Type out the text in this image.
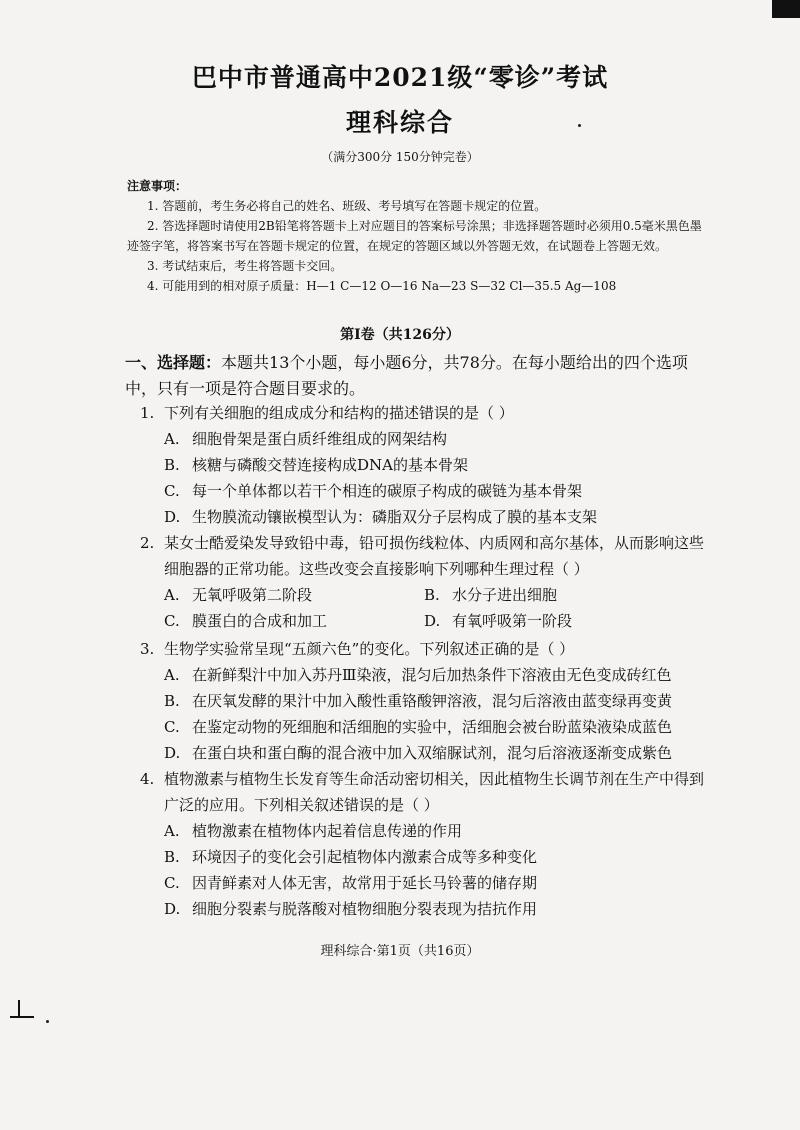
巴中市普通高中2021级“零诊”考试
理科综合
（满分300分 150分钟完卷）
注意事项：
1. 答题前，考生务必将自己的姓名、班级、考号填写在答题卡规定的位置。
2. 答选择题时请使用2B铅笔将答题卡上对应题目的答案标号涂黑；非选择题答题时必须用0.5毫米黑色墨迹签字笔，将答案书写在答题卡规定的位置，在规定的答题区域以外答题无效，在试题卷上答题无效。
3. 考试结束后，考生将答题卡交回。
4. 可能用到的相对原子质量：H—1 C—12 O—16 Na—23 S—32 Cl—35.5 Ag—108
第Ⅰ卷（共126分）
一、选择题：本题共13个小题，每小题6分，共78分。在每小题给出的四个选项中，只有一项是符合题目要求的。
1. 下列有关细胞的组成成分和结构的描述错误的是（ ）
A. 细胞骨架是蛋白质纤维组成的网架结构
B. 核糖与磷酸交替连接构成DNA的基本骨架
C. 每一个单体都以若干个相连的碳原子构成的碳链为基本骨架
D. 生物膜流动镶嵌模型认为：磷脂双分子层构成了膜的基本支架
2. 某女士酷爱染发导致铅中毒，铅可损伤线粒体、内质网和高尔基体，从而影响这些细胞器的正常功能。这些改变会直接影响下列哪种生理过程（ ）
A. 无氧呼吸第二阶段	B. 水分子进出细胞
C. 膜蛋白的合成和加工	D. 有氧呼吸第一阶段
3. 生物学实验常呈现“五颜六色”的变化。下列叙述正确的是（ ）
A. 在新鲜梨汁中加入苏丹Ⅲ染液，混匀后加热条件下溶液由无色变成砖红色
B. 在厌氧发酵的果汁中加入酸性重铬酸钾溶液，混匀后溶液由蓝变绿再变黄
C. 在鉴定动物的死细胞和活细胞的实验中，活细胞会被台盼蓝染液染成蓝色
D. 在蛋白块和蛋白酶的混合液中加入双缩脲试剂，混匀后溶液逐渐变成紫色
4. 植物激素与植物生长发育等生命活动密切相关，因此植物生长调节剂在生产中得到广泛的应用。下列相关叙述错误的是（ ）
A. 植物激素在植物体内起着信息传递的作用
B. 环境因子的变化会引起植物体内激素合成等多种变化
C. 因青鲜素对人体无害，故常用于延长马铃薯的储存期
D. 细胞分裂素与脱落酸对植物细胞分裂表现为拮抗作用
理科综合·第1页（共16页）
